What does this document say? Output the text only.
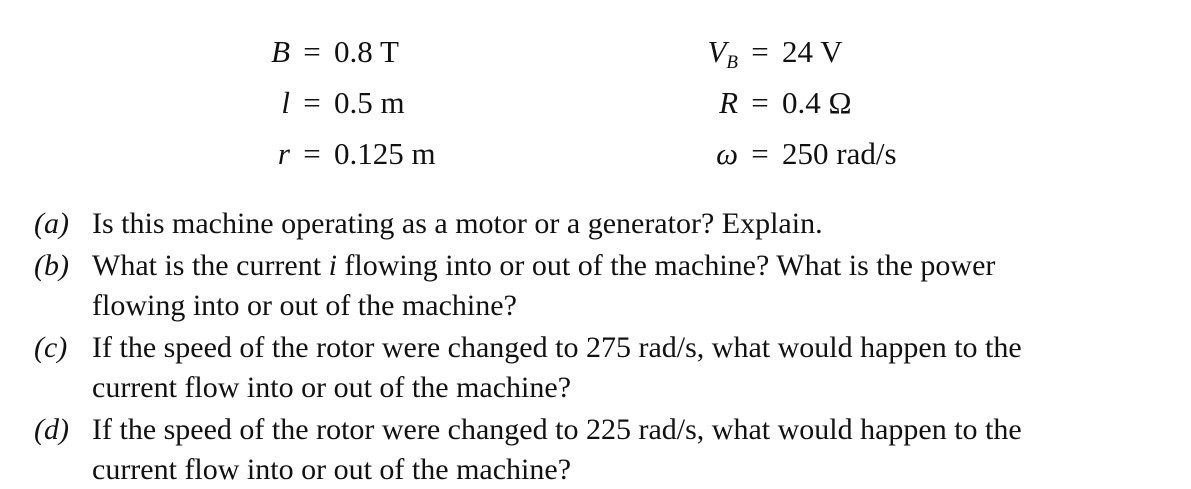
B = 0.8 T
l = 0.5 m
r = 0.125 m
$V_B = 24$ V
R = 0.4 Ω
ω = 250 rad/s
(a) Is this machine operating as a motor or a generator? Explain.
(b) What is the current i flowing into or out of the machine? What is the power
flowing into or out of the machine?
(c) If the speed of the rotor were changed to 275 rad/s, what would happen to the
current flow into or out of the machine?
(d) If the speed of the rotor were changed to 225 rad/s, what would happen to the
current flow into or out of the machine?
